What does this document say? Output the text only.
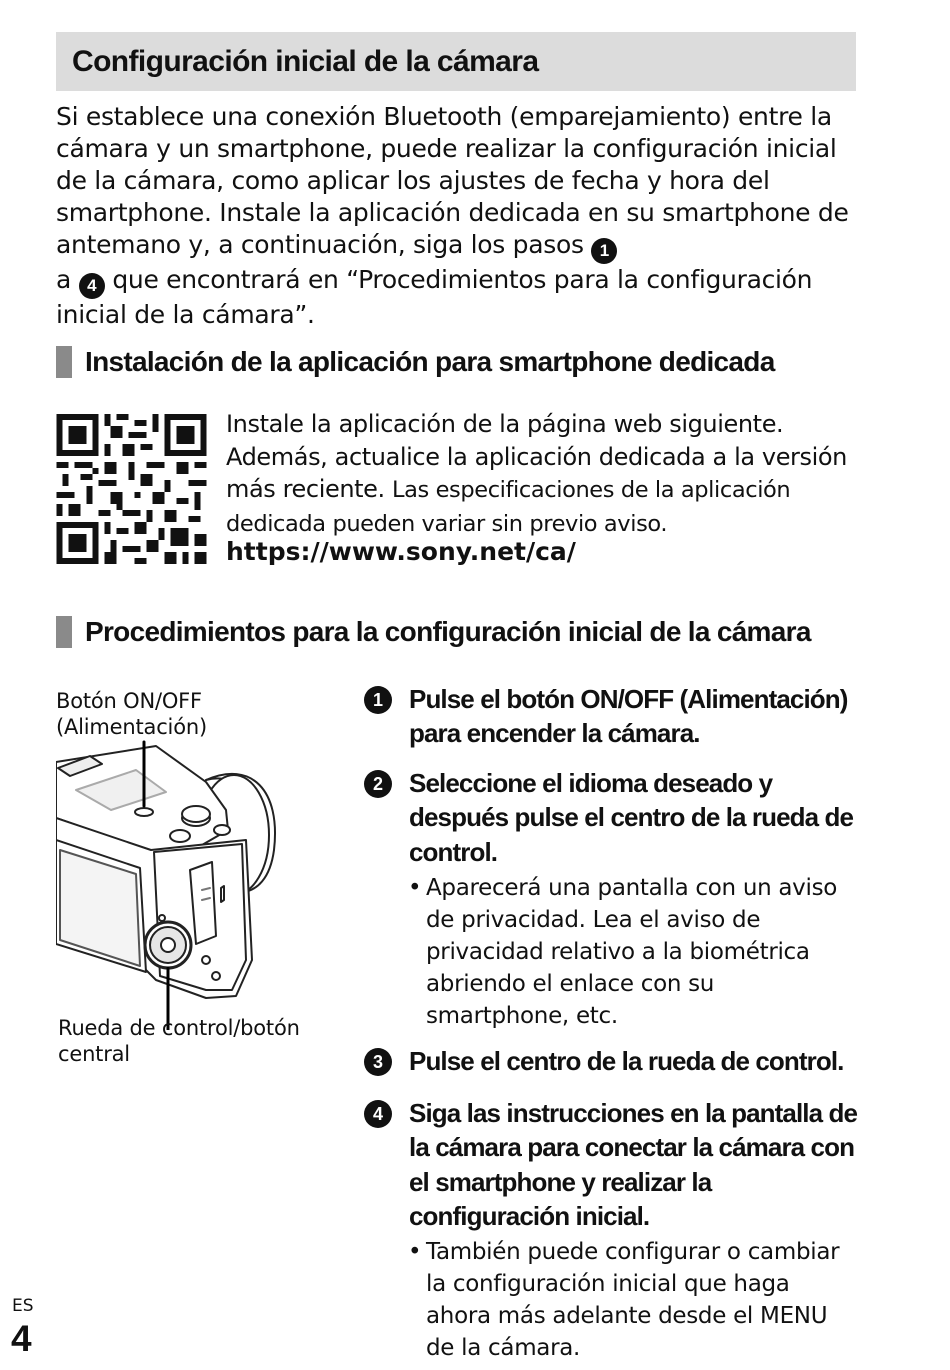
Configuración inicial de la cámara

Si establece una conexión Bluetooth (emparejamiento) entre la cámara y un smartphone, puede realizar la configuración inicial de la cámara, como aplicar los ajustes de fecha y hora del smartphone. Instale la aplicación dedicada en su smartphone de antemano y, a continuación, siga los pasos 1
a 4 que encontrará en “Procedimientos para la configuración inicial de la cámara”.

Instalación de la aplicación para smartphone dedicada

Instale la aplicación de la página web siguiente. Además, actualice la aplicación dedicada a la versión más reciente. Las especificaciones de la aplicación dedicada pueden variar sin previo aviso.

https://www.sony.net/ca/
Procedimientos para la configuración inicial de la cámara

Botón ON/OFF (Alimentación)

Rueda de control/botón central

1	Pulse el botón ON/OFF (Alimentación) para encender la cámara.

2	Seleccione el idioma deseado y después pulse el centro de la rueda de control.

• Aparecerá una pantalla con un aviso de privacidad. Lea el aviso de privacidad relativo a la biométrica abriendo el enlace con su smartphone, etc.

3	Pulse el centro de la rueda de control.

4	Siga las instrucciones en la pantalla de la cámara para conectar la cámara con el smartphone y realizar la configuración inicial.

• También puede configurar o cambiar la configuración inicial que haga ahora más adelante desde el MENU de la cámara.

ES
4
